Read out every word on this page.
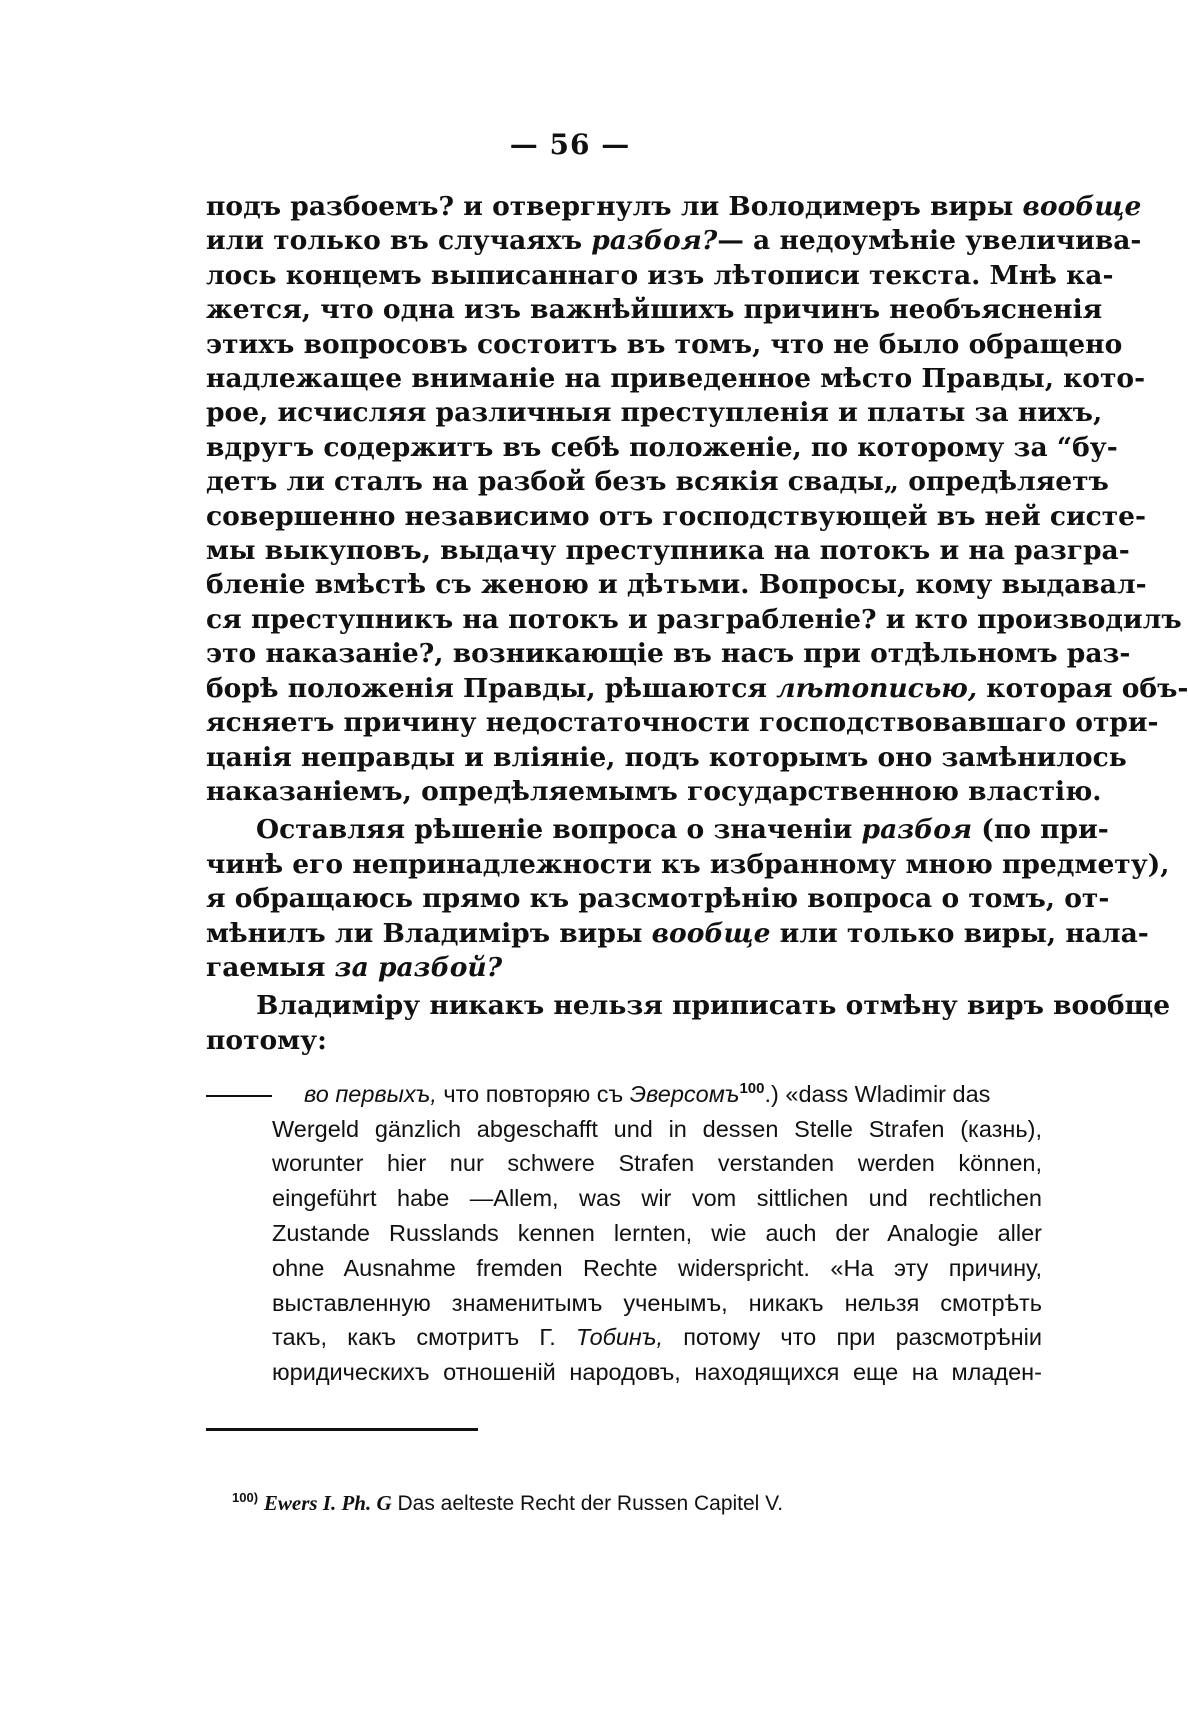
— 56 —
подъ разбоемъ? и отвергнулъ ли Володимеръ виры вообще
или только въ случаяхъ разбоя?— а недоумѣніе увеличива-
лось концемъ выписаннаго изъ лѣтописи текста. Мнѣ ка-
жется, что одна изъ важнѣйшихъ причинъ необъясненія
этихъ вопросовъ состоитъ въ томъ, что не было обращено
надлежащее вниманіе на приведенное мѣсто Правды, кото-
рое, исчисляя различныя преступленія и платы за нихъ,
вдругъ содержитъ въ себѣ положеніе, по которому за “бу-
детъ ли сталъ на разбой безъ всякія свады„ опредѣляетъ
совершенно независимо отъ господствующей въ ней систе-
мы выкуповъ, выдачу преступника на потокъ и на разгра-
бленіе вмѣстѣ съ женою и дѣтьми. Вопросы, кому выдавал-
ся преступникъ на потокъ и разграбленіе? и кто производилъ
это наказаніе?, возникающіе въ насъ при отдѣльномъ раз-
борѣ положенія Правды, рѣшаются лѣтописью, которая объ-
ясняетъ причину недостаточности господствовавшаго отри-
цанія неправды и вліяніе, подъ которымъ оно замѣнилось
наказаніемъ, опредѣляемымъ государственною властію.
Оставляя рѣшеніе вопроса о значеніи разбоя (по при-
чинѣ его непринадлежности къ избранному мною предмету),
я обращаюсь прямо къ разсмотрѣнію вопроса о томъ, от-
мѣнилъ ли Владиміръ виры вообще или только виры, нала-
гаемыя за разбой?
Владиміру никакъ нельзя приписать отмѣну виръ вообще
потому:
во первыхъ, что повторяю съ Эверсомъ$^{100}$.) «dass Wladimir das
Wergeld gänzlich abgeschafft und in dessen Stelle Strafen (казнь),
worunter hier nur schwere Strafen verstanden werden können,
eingeführt habe —Allem, was wir vom sittlichen und rechtlichen
Zustande Russlands kennen lernten, wie auch der Analogie aller
ohne Ausnahme fremden Rechte widerspricht. «На эту причину,
выставленную знаменитымъ ученымъ, никакъ нельзя смотрѣть
такъ, какъ смотритъ Г. Тобинъ, потому что при разсмотрѣніи
юридическихъ отношеній народовъ, находящихся еще на младен-
$^{100)}$ Ewers I. Ph. G Das aelteste Recht der Russen Capitel V.
